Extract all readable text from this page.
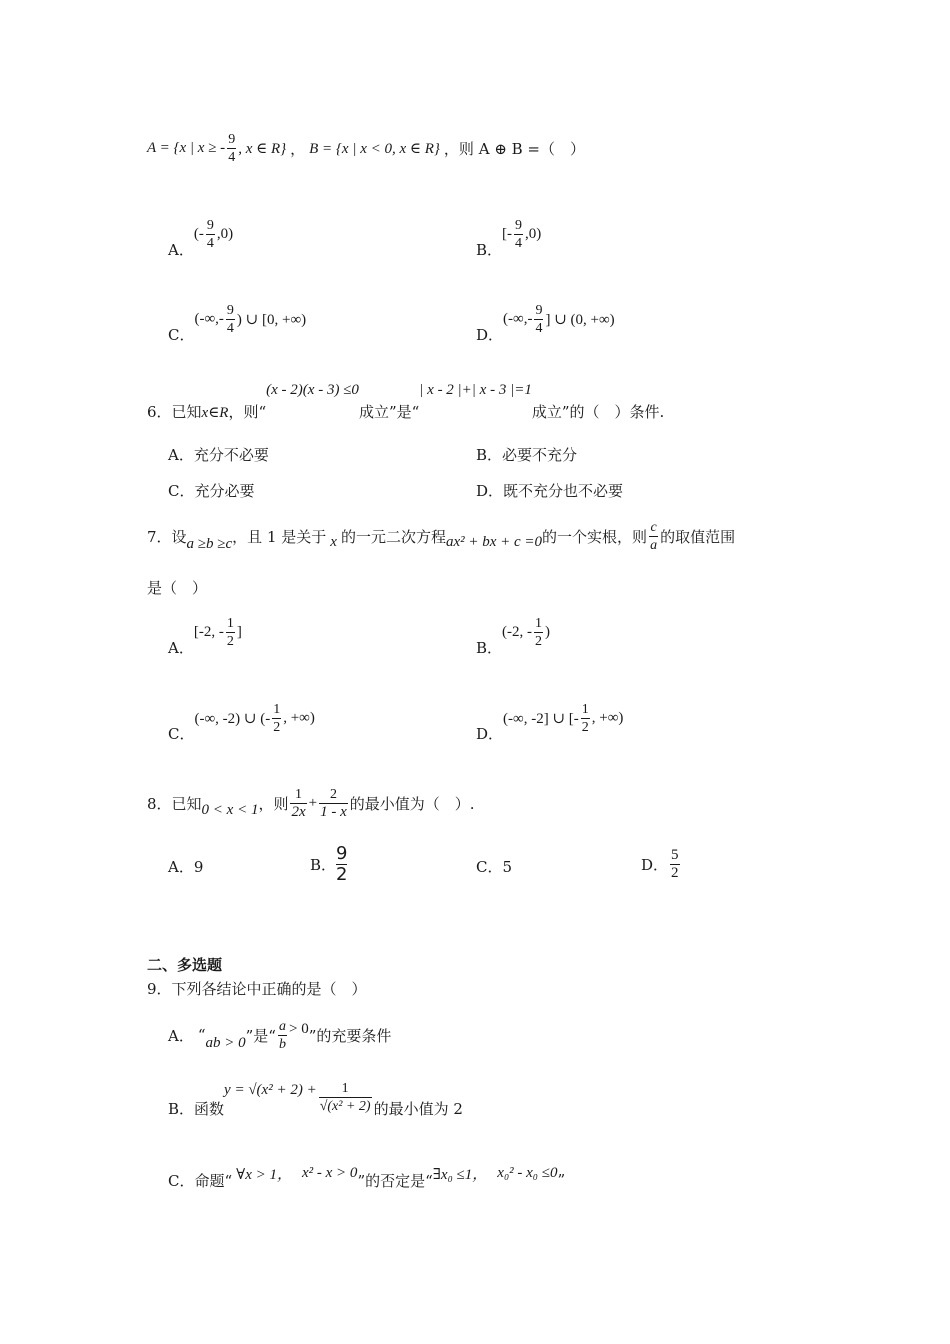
A = {x | x ≥ - $\frac{9}{4}$ , x ∈ R} ， B = {x | x < 0, x ∈ R} ，则 A ⊕ B =（　）
A．
(- $\frac{9}{4} ,0$)
B．
[- $\frac{9}{4} ,0$)
C．
(-∞,- $\frac{9}{4}$ ) ∪ [0, +∞)
D．
(-∞,- $\frac{9}{4}$ ] ∪ (0, +∞)
6．已知 x∈R ，则“
(x - 2)(x - 3) ≤0
成立”是“
| x - 2 |+| x - 3 |=1
成立”的（　）条件.
A．充分不必要	B．必要不充分
C．充分必要	D．既不充分也不必要
7．设 a ≥b ≥c ，且 1 是关于 x 的一元二次方程 ax² + bx + c =0 的一个实根，则 $\frac{c}{a}$ 的取值范围
是（　）
A．
[-2, - $\frac{1}{2}$ ]
B．
(-2, - $\frac{1}{2}$ )
C．
(-∞, -2) ∪ (- $\frac{1}{2}$ , +∞)
D．
(-∞, -2] ∪ [- $\frac{1}{2}$ , +∞)
8．已知 0 < x < 1 ，则 $\frac{1}{2x} + \frac{2}{1 - x}$ 的最小值为（　）.
A．9	B． $\frac{9}{2}$	C．5	D． $\frac{5}{2}$
二、多选题
9．下列各结论中正确的是（　）
A． “ ab > 0 ”是“ $\frac{a}{b} > 0$ ”的充要条件
B． 函数
$y = √(x^2 + 2) + \frac{1}{\text{√(x² + 2)}}$ 的最小值为 2
C． 命题“ ∀x > 1， x² - x > 0 ”的否定是“ ∃x₀ ≤1， x₀² - x₀ ≤0 ”
